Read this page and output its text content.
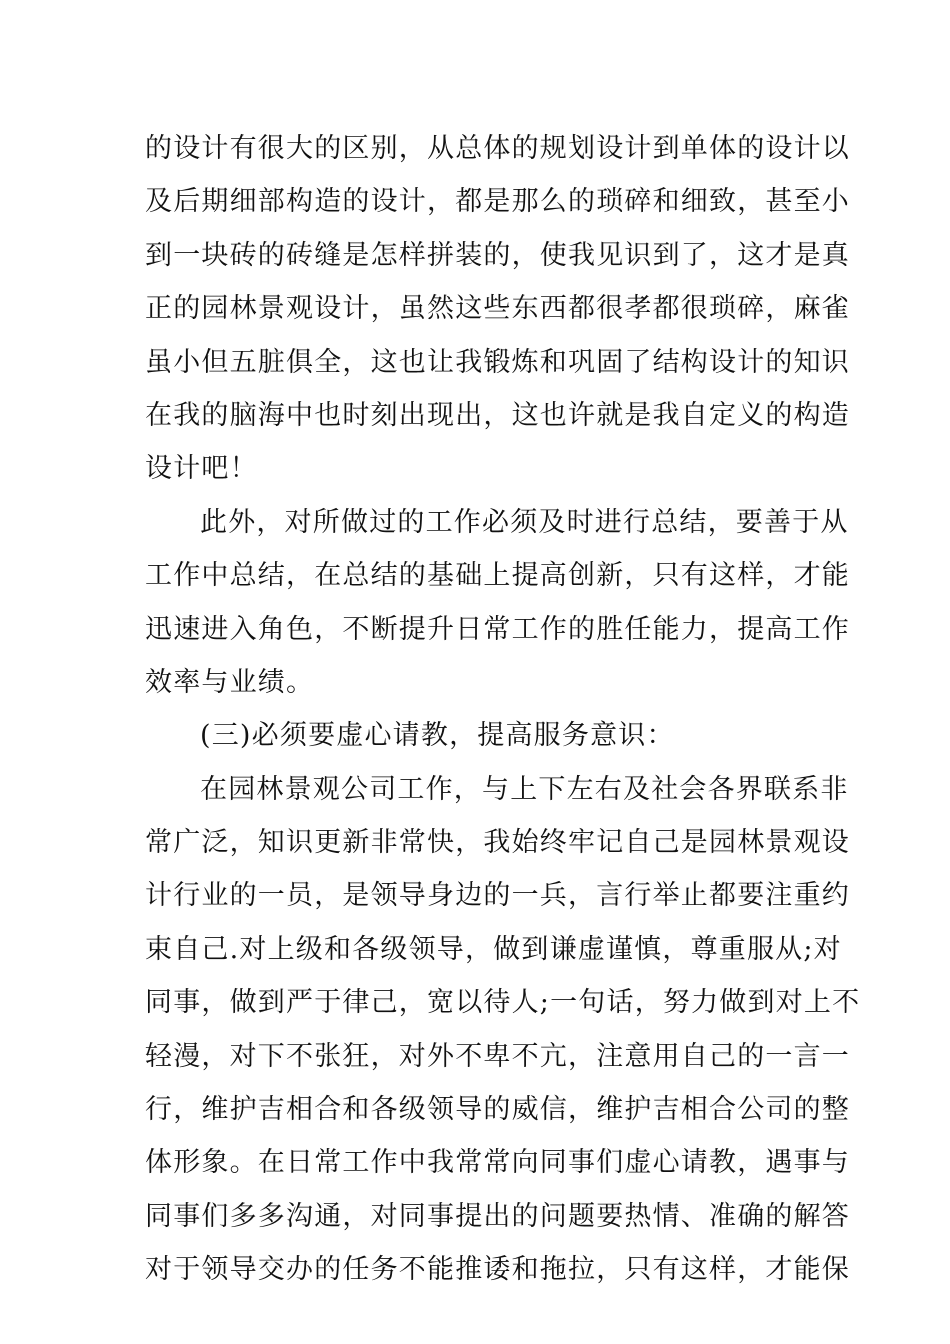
的设计有很大的区别，从总体的规划设计到单体的设计以
及后期细部构造的设计，都是那么的琐碎和细致，甚至小
到一块砖的砖缝是怎样拼装的，使我见识到了，这才是真
正的园林景观设计，虽然这些东西都很孝都很琐碎，麻雀
虽小但五脏俱全，这也让我锻炼和巩固了结构设计的知识
在我的脑海中也时刻出现出，这也许就是我自定义的构造
设计吧！
此外，对所做过的工作必须及时进行总结，要善于从
工作中总结，在总结的基础上提高创新，只有这样，才能
迅速进入角色，不断提升日常工作的胜任能力，提高工作
效率与业绩。
(三)必须要虚心请教，提高服务意识：
在园林景观公司工作，与上下左右及社会各界联系非
常广泛，知识更新非常快，我始终牢记自己是园林景观设
计行业的一员，是领导身边的一兵，言行举止都要注重约
束自己.对上级和各级领导，做到谦虚谨慎，尊重服从;对
同事，做到严于律己，宽以待人;一句话，努力做到对上不
轻漫，对下不张狂，对外不卑不亢，注意用自己的一言一
行，维护吉相合和各级领导的威信，维护吉相合公司的整
体形象。在日常工作中我常常向同事们虚心请教，遇事与
同事们多多沟通，对同事提出的问题要热情、准确的解答
对于领导交办的任务不能推诿和拖拉，只有这样，才能保
